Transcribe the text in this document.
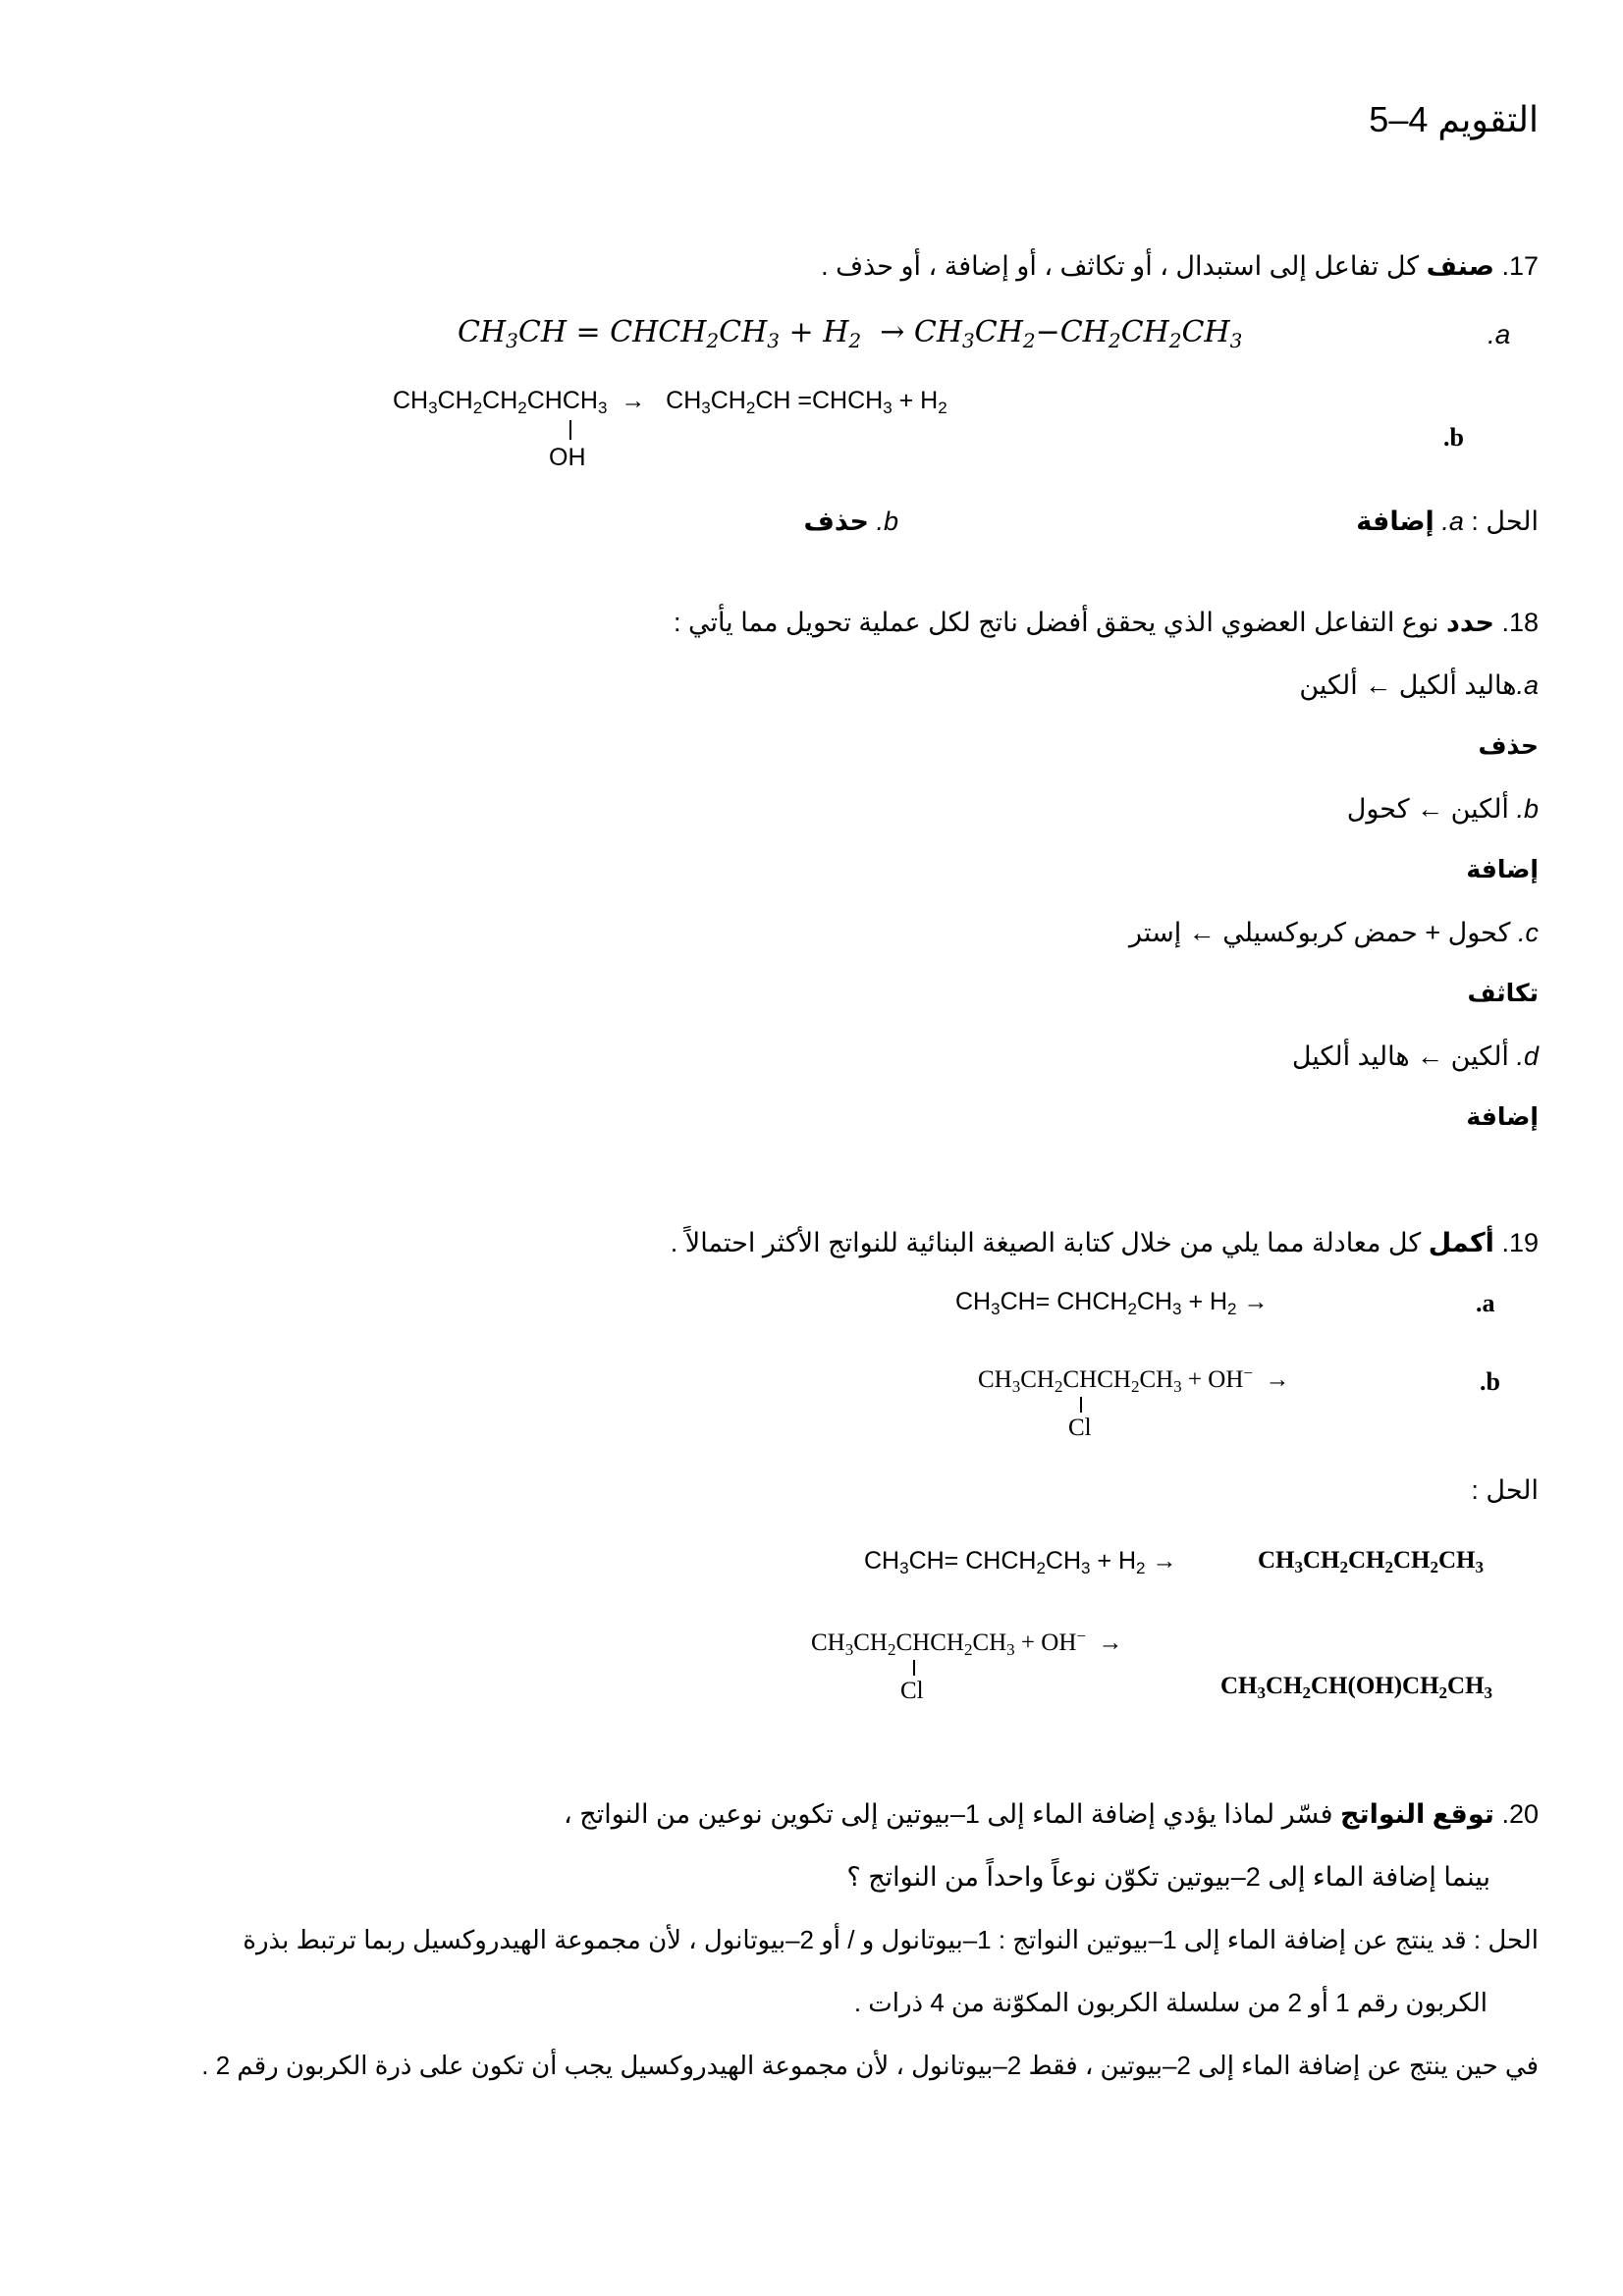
التقويم 4–5
17. صنف كل تفاعل إلى استبدال ، أو تكاثف ، أو إضافة ، أو حذف .
.a
$CH_3CH$ = $CHCH_2CH_3 + H_2 \to CH_3CH_2-CH_2CH_2CH_3$
$CH_3CH_2CH_2CHCH_3 \to CH_3CH_2CH$ $=CHCH_3 + H_2$
OH
.b
الحل : a. إضافة
b. حذف
18. حدد نوع التفاعل العضوي الذي يحقق أفضل ناتج لكل عملية تحويل مما يأتي :
a.هاليد ألكيل ← ألكين
حذف
b. ألكين ← كحول
إضافة
c. كحول + حمض كربوكسيلي ← إستر
تكاثف
d. ألكين ← هاليد ألكيل
إضافة
19. أكمل كل معادلة مما يلي من خلال كتابة الصيغة البنائية للنواتج الأكثر احتمالاً .
$CH_3CH=$ $CHCH_2CH_3 + H_2$ →	.a
$CH_3CH_2CHCH_2CH_3 + OH^-$  →
Cl
.b
الحل :
$CH_3CH=$ $CHCH_2CH_3 + H_2$ →	$CH_3CH_2CH_2CH_2CH_3$
$CH_3CH_2CHCH_2CH_3 + OH^-$  →
Cl	$CH_3CH_2CH(OH)CH_2CH_3$
20. توقع النواتج فسّر لماذا يؤدي إضافة الماء إلى 1–بيوتين إلى تكوين نوعين من النواتج ،
بينما إضافة الماء إلى 2–بيوتين تكوّن نوعاً واحداً من النواتج ؟
الحل : قد ينتج عن إضافة الماء إلى 1–بيوتين النواتج : 1–بيوتانول و / أو 2–بيوتانول ، لأن مجموعة الهيدروكسيل ربما ترتبط بذرة
الكربون رقم 1 أو 2 من سلسلة الكربون المكوّنة من 4 ذرات .
في حين ينتج عن إضافة الماء إلى 2–بيوتين ، فقط 2–بيوتانول ، لأن مجموعة الهيدروكسيل يجب أن تكون على ذرة الكربون رقم 2 .
